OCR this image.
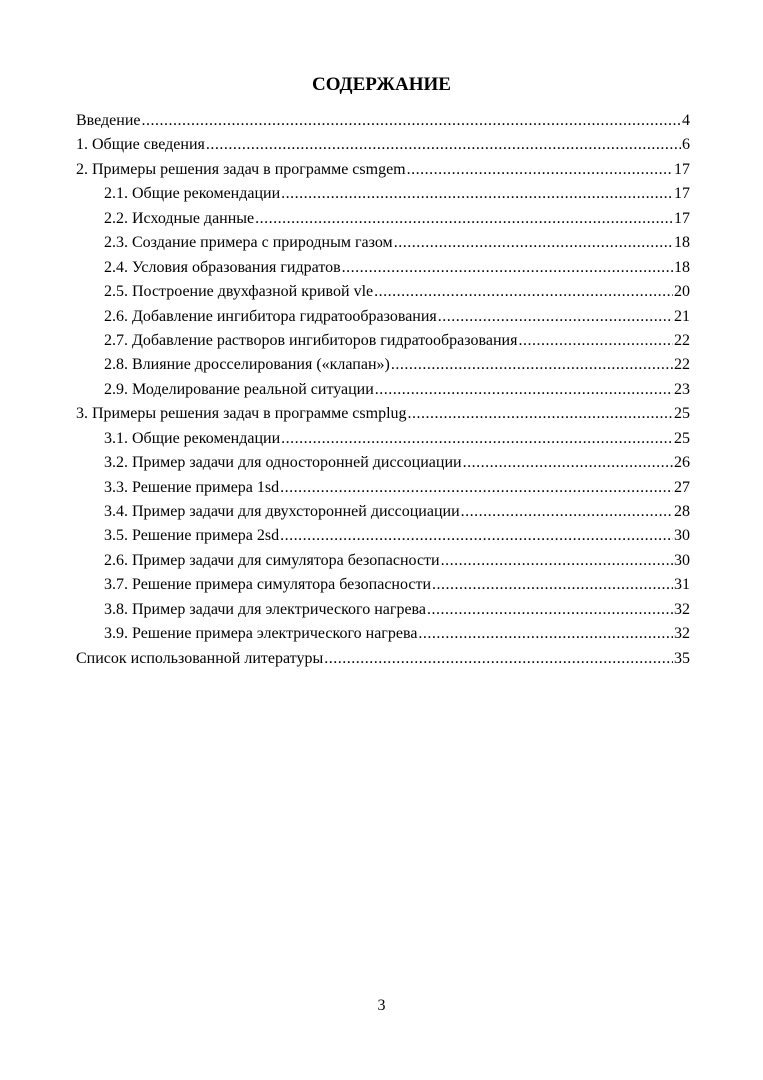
СОДЕРЖАНИЕ
Введение .....	4
1. Общие сведения .....	6
2. Примеры решения задач в программе csmgem .....	17
2.1. Общие рекомендации .....	17
2.2. Исходные данные .....	17
2.3. Создание примера с природным газом .....	18
2.4. Условия образования гидратов .....	18
2.5. Построение двухфазной кривой vle .....	20
2.6. Добавление ингибитора гидратообразования .....	21
2.7. Добавление растворов ингибиторов гидратообразования .....	22
2.8. Влияние дросселирования («клапан») .....	22
2.9. Моделирование реальной ситуации .....	23
3. Примеры решения задач в программе csmplug .....	25
3.1. Общие рекомендации .....	25
3.2. Пример задачи для односторонней диссоциации .....	26
3.3. Решение примера 1sd .....	27
3.4. Пример задачи для двухсторонней диссоциации .....	28
3.5. Решение примера 2sd .....	30
2.6. Пример задачи для симулятора безопасности .....	30
3.7. Решение примера симулятора безопасности .....	31
3.8. Пример задачи для электрического нагрева .....	32
3.9. Решение примера электрического нагрева .....	32
Список использованной литературы .....	35
3
